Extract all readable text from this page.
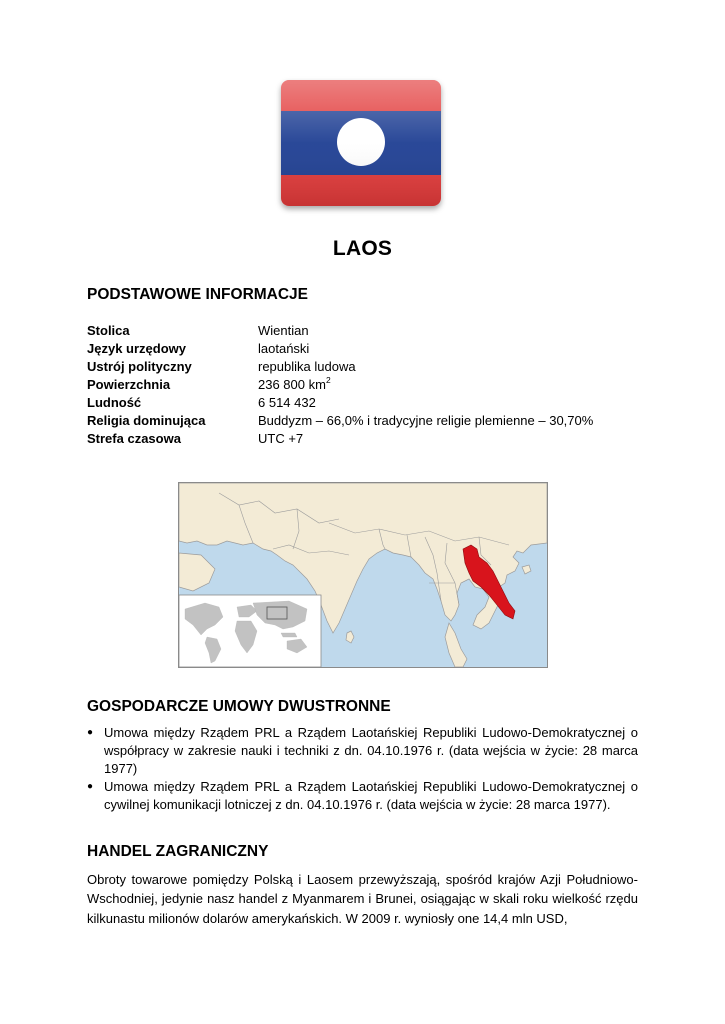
LAOS
PODSTAWOWE INFORMACJE
Stolica	Wientian
Język urzędowy	laotański
Ustrój polityczny	republika ludowa
Powierzchnia	236 800 $km^2$
Ludność	6 514 432
Religia dominująca	Buddyzm – 66,0% i tradycyjne religie plemienne – 30,70%
Strefa czasowa	UTC +7
GOSPODARCZE UMOWY DWUSTRONNE
● Umowa między Rządem PRL a Rządem Laotańskiej Republiki Ludowo-Demokratycznej o współpracy w zakresie nauki i techniki z dn. 04.10.1976 r. (data wejścia w życie: 28 marca 1977)
● Umowa między Rządem PRL a Rządem Laotańskiej Republiki Ludowo-Demokratycznej o cywilnej komunikacji lotniczej z dn. 04.10.1976 r. (data wejścia w życie: 28 marca 1977).
HANDEL ZAGRANICZNY
Obroty towarowe pomiędzy Polską i Laosem przewyższają, spośród krajów Azji Południowo-Wschodniej, jedynie nasz handel z Myanmarem i Brunei, osiągając w skali roku wielkość rzędu kilkunastu milionów dolarów amerykańskich. W 2009 r. wyniosły one 14,4 mln USD,
